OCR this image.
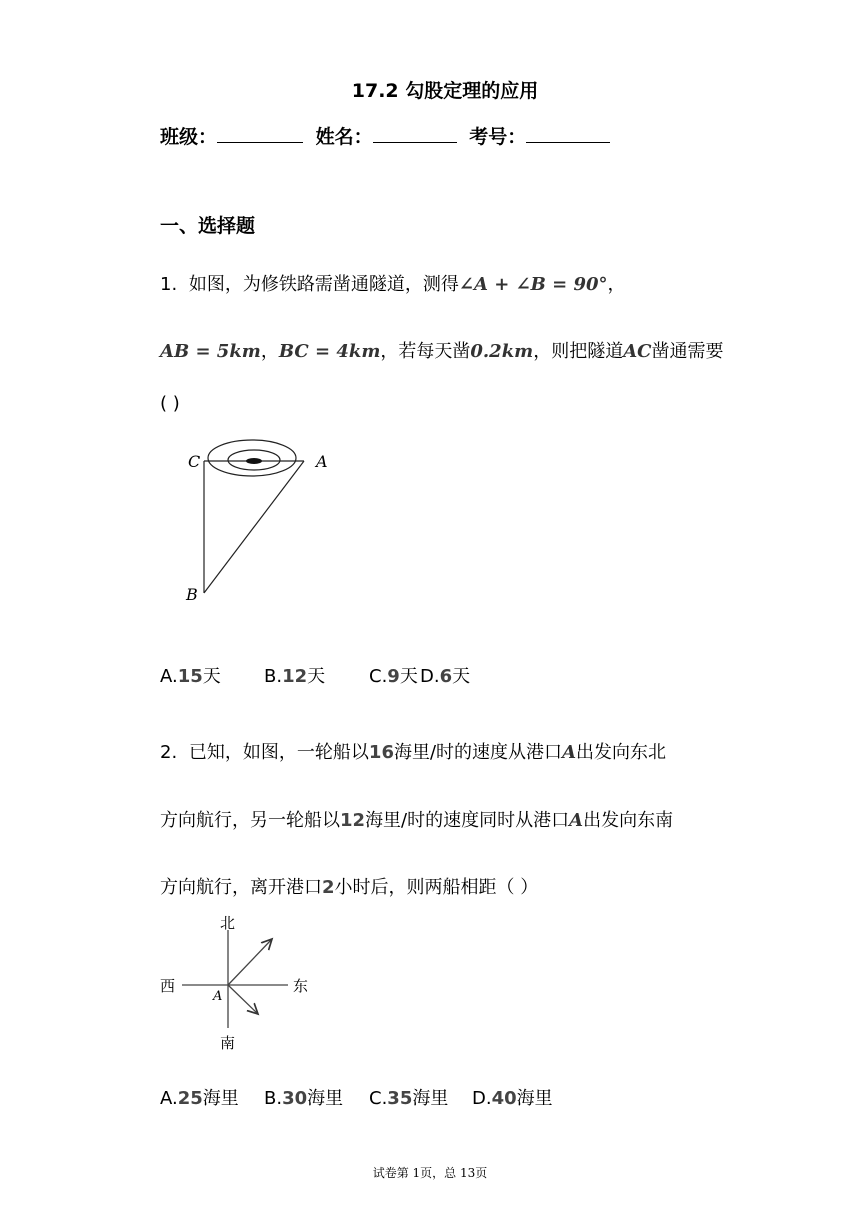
17.2 勾股定理的应用
班级：	姓名：	考号：
一、选择题
1. 如图，为修铁路需凿通隧道，测得∠A + ∠B = 90°，
AB = 5km，BC = 4km，若每天凿0.2km，则把隧道AC凿通需要
( )
C	A
B
A.15天 B.12天 C.9天 D.6天
2. 已知，如图，一轮船以16海里/时的速度从港口A出发向东北
方向航行，另一轮船以12海里/时的速度同时从港口A出发向东南
方向航行，离开港口2小时后，则两船相距（ ）
北
南
西	东
A
A.25海里 B.30海里 C.35海里 D.40海里
试卷第 1页，总 13页
